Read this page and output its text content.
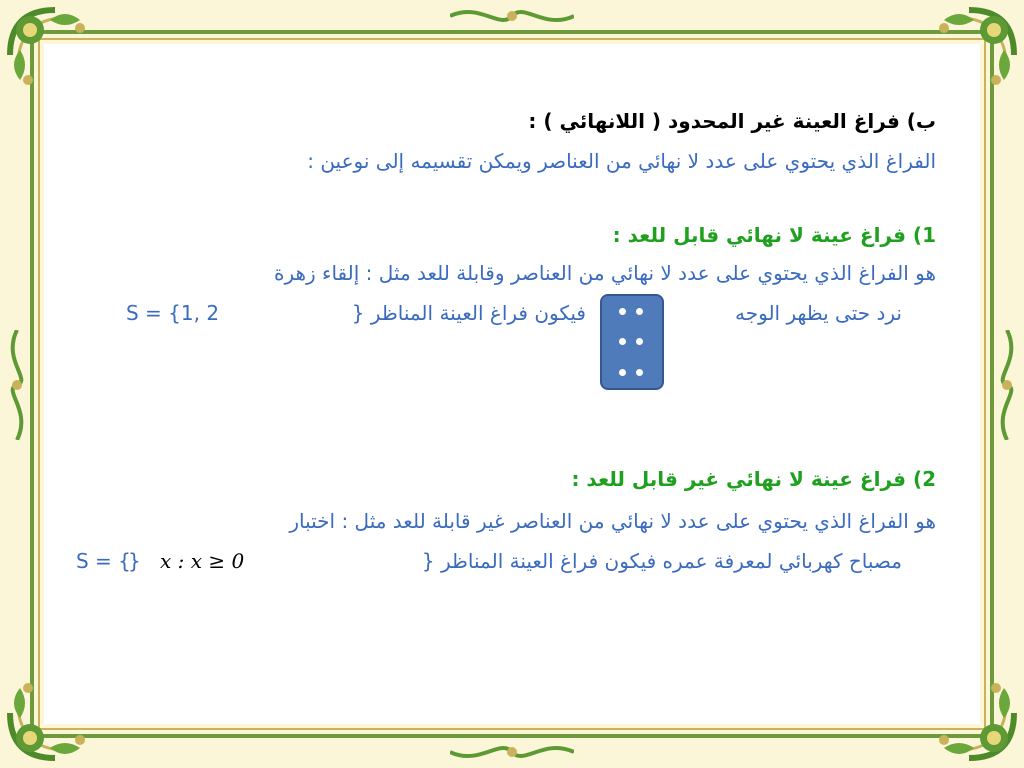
ب) فراغ العينة غير المحدود ( اللانهائي ) :
الفراغ الذي يحتوي على عدد لا نهائي من العناصر ويمكن تقسيمه إلى نوعين :
1) فراغ عينة لا نهائي قابل للعد :
هو الفراغ الذي يحتوي على عدد لا نهائي من العناصر وقابلة للعد مثل : إلقاء زهرة
نرد حتى يظهر الوجه
فيكون فراغ العينة المناظر {
S = {1, 2
2) فراغ عينة لا نهائي غير قابل للعد :
هو الفراغ الذي يحتوي على عدد لا نهائي من العناصر غير قابلة للعد مثل : اختبار
مصباح كهربائي لمعرفة عمره فيكون فراغ العينة المناظر {
S = {	x : x ≥ 0
}
